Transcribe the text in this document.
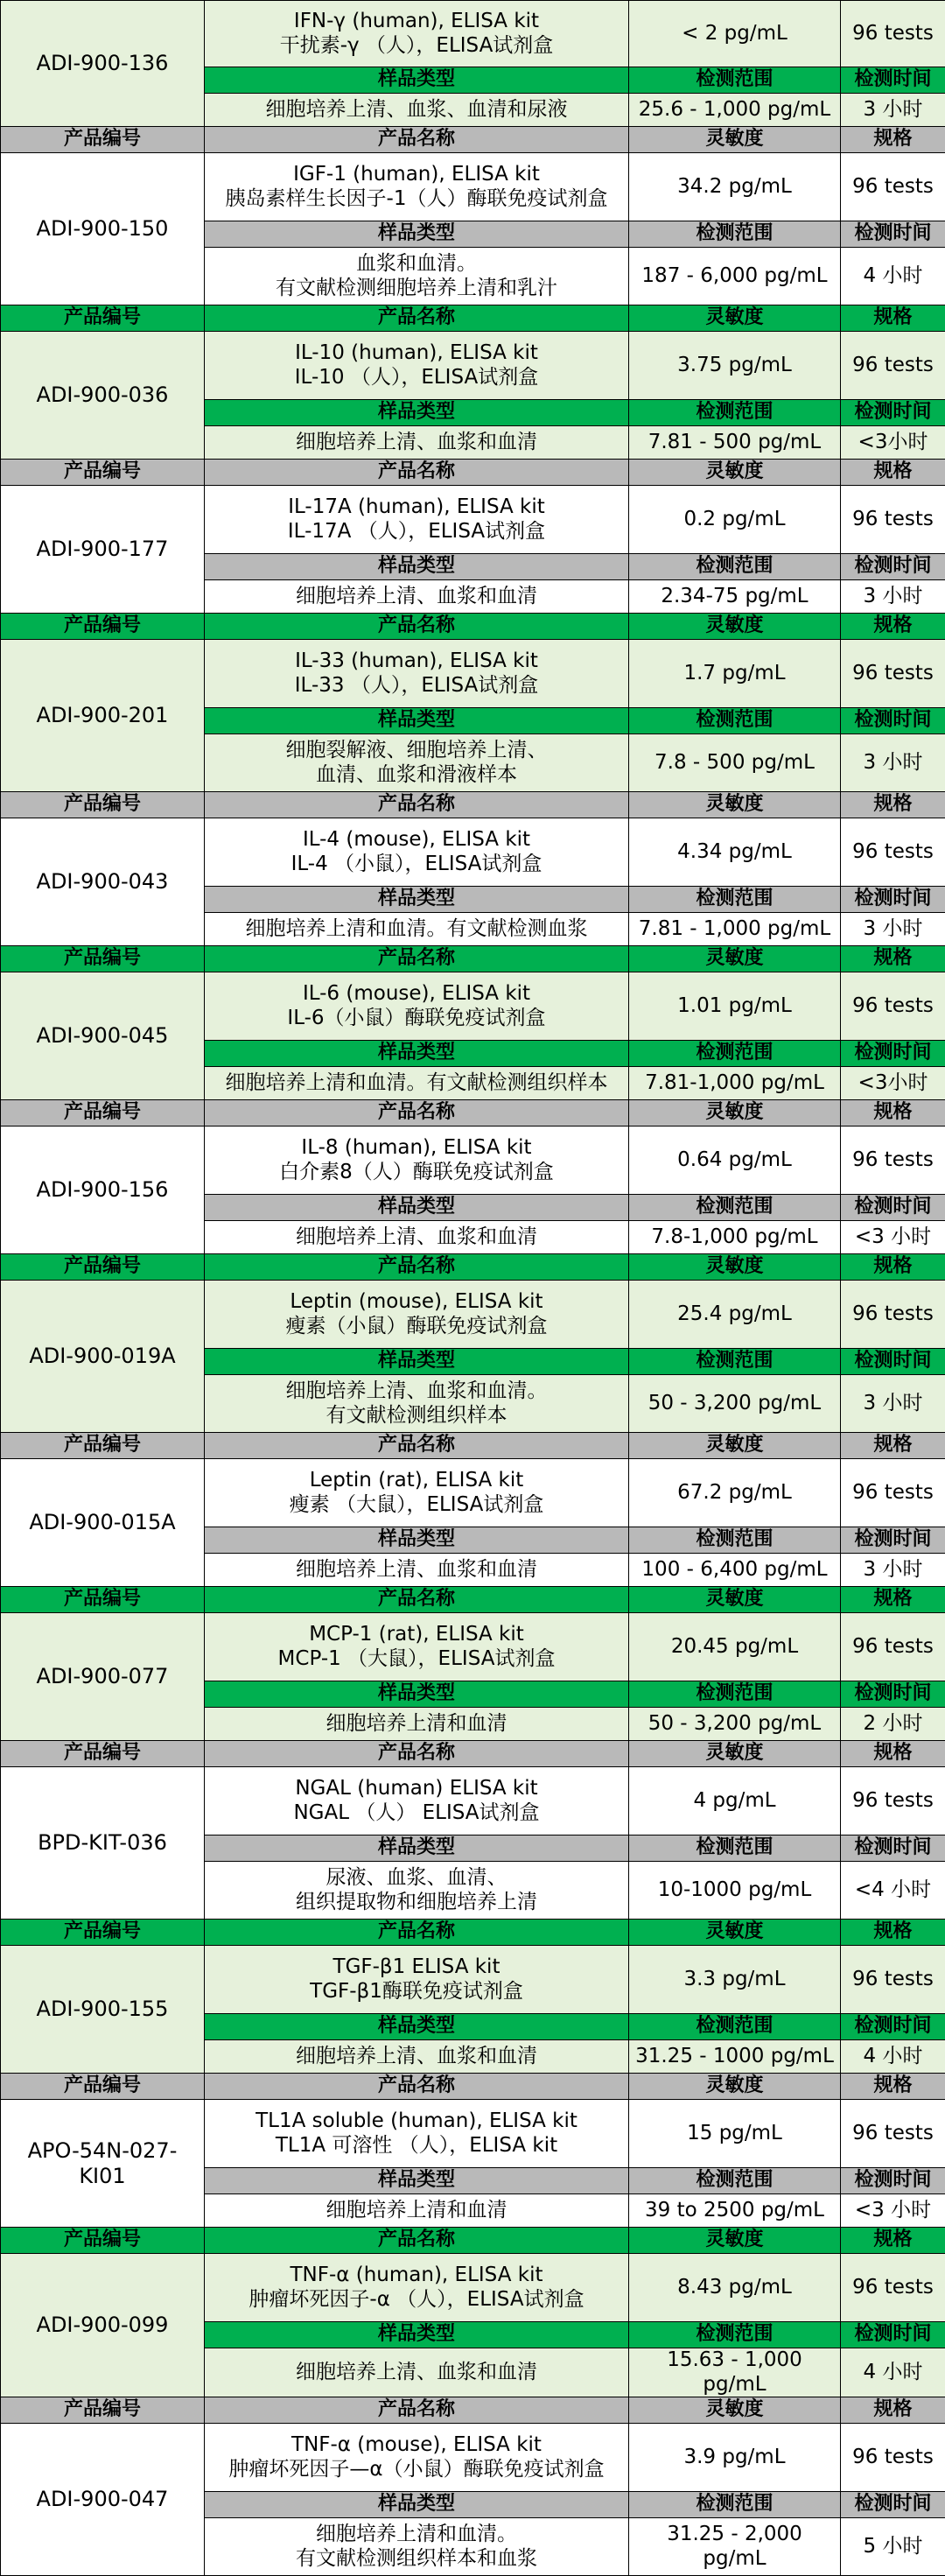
ADI-900-136	IFN-γ (human), ELISA kit
干扰素-γ （人），ELISA试剂盒	< 2 pg/mL	96 tests
	样品类型	检测范围	检测时间

	细胞培养上清、血浆、血清和尿液	25.6 - 1,000 pg/mL	3 小时
产品编号	产品名称	灵敏度	规格
ADI-900-150	IGF-1 (human), ELISA kit
胰岛素样生长因子-1（人）酶联免疫试剂盒	34.2 pg/mL	96 tests
	样品类型	检测范围	检测时间

	血浆和血清。
有文献检测细胞培养上清和乳汁	187 - 6,000 pg/mL	4 小时
产品编号	产品名称	灵敏度	规格
ADI-900-036	IL-10 (human), ELISA kit
IL-10 （人），ELISA试剂盒	3.75 pg/mL	96 tests
	样品类型	检测范围	检测时间

	细胞培养上清、血浆和血清	7.81 - 500 pg/mL	<3小时
产品编号	产品名称	灵敏度	规格
ADI-900-177	IL-17A (human), ELISA kit
IL-17A （人），ELISA试剂盒	0.2 pg/mL	96 tests
	样品类型	检测范围	检测时间

	细胞培养上清、血浆和血清	2.34-75 pg/mL	3 小时
产品编号	产品名称	灵敏度	规格
ADI-900-201	IL-33 (human), ELISA kit
IL-33 （人），ELISA试剂盒	1.7 pg/mL	96 tests
	样品类型	检测范围	检测时间

	细胞裂解液、细胞培养上清、
血清、血浆和滑液样本	7.8 - 500 pg/mL	3 小时
产品编号	产品名称	灵敏度	规格
ADI-900-043	IL-4 (mouse), ELISA kit
IL-4 （小鼠），ELISA试剂盒	4.34 pg/mL	96 tests
	样品类型	检测范围	检测时间

	细胞培养上清和血清。有文献检测血浆	7.81 - 1,000 pg/mL	3 小时
产品编号	产品名称	灵敏度	规格
ADI-900-045	IL-6 (mouse), ELISA kit
IL-6（小鼠）酶联免疫试剂盒	1.01 pg/mL	96 tests
	样品类型	检测范围	检测时间

	细胞培养上清和血清。有文献检测组织样本	7.81-1,000 pg/mL	<3小时
产品编号	产品名称	灵敏度	规格
ADI-900-156	IL-8 (human), ELISA kit
白介素8（人）酶联免疫试剂盒	0.64 pg/mL	96 tests
	样品类型	检测范围	检测时间

	细胞培养上清、血浆和血清	7.8-1,000 pg/mL	<3 小时
产品编号	产品名称	灵敏度	规格
ADI-900-019A	Leptin (mouse), ELISA kit
瘦素（小鼠）酶联免疫试剂盒	25.4 pg/mL	96 tests
	样品类型	检测范围	检测时间

	细胞培养上清、血浆和血清。
有文献检测组织样本	50 - 3,200 pg/mL	3 小时
产品编号	产品名称	灵敏度	规格
ADI-900-015A	Leptin (rat), ELISA kit
瘦素 （大鼠），ELISA试剂盒	67.2 pg/mL	96 tests
	样品类型	检测范围	检测时间

	细胞培养上清、血浆和血清	100 - 6,400 pg/mL	3 小时
产品编号	产品名称	灵敏度	规格
ADI-900-077	MCP-1 (rat), ELISA kit
MCP-1 （大鼠），ELISA试剂盒	20.45 pg/mL	96 tests
	样品类型	检测范围	检测时间

	细胞培养上清和血清	50 - 3,200 pg/mL	2 小时
产品编号	产品名称	灵敏度	规格
BPD-KIT-036	NGAL (human) ELISA kit
NGAL （人） ELISA试剂盒	4 pg/mL	96 tests
	样品类型	检测范围	检测时间

	尿液、血浆、血清、
组织提取物和细胞培养上清	10-1000 pg/mL	<4 小时
产品编号	产品名称	灵敏度	规格
ADI-900-155	TGF-β1 ELISA kit
TGF-β1酶联免疫试剂盒	3.3 pg/mL	96 tests
	样品类型	检测范围	检测时间

	细胞培养上清、血浆和血清	31.25 - 1000 pg/mL	4 小时
产品编号	产品名称	灵敏度	规格
APO-54N-027-KI01	TL1A soluble (human), ELISA kit
TL1A 可溶性 （人），ELISA kit	15 pg/mL	96 tests
	样品类型	检测范围	检测时间

	细胞培养上清和血清	39 to 2500 pg/mL	<3 小时
产品编号	产品名称	灵敏度	规格
ADI-900-099	TNF-α (human), ELISA kit
肿瘤坏死因子-α （人），ELISA试剂盒	8.43 pg/mL	96 tests
	样品类型	检测范围	检测时间

	细胞培养上清、血浆和血清	15.63 - 1,000 pg/mL	4 小时
产品编号	产品名称	灵敏度	规格
ADI-900-047	TNF-α (mouse), ELISA kit
肿瘤坏死因子—α（小鼠）酶联免疫试剂盒	3.9 pg/mL	96 tests
	样品类型	检测范围	检测时间

	细胞培养上清和血清。
有文献检测组织样本和血浆	31.25 - 2,000 pg/mL	5 小时
